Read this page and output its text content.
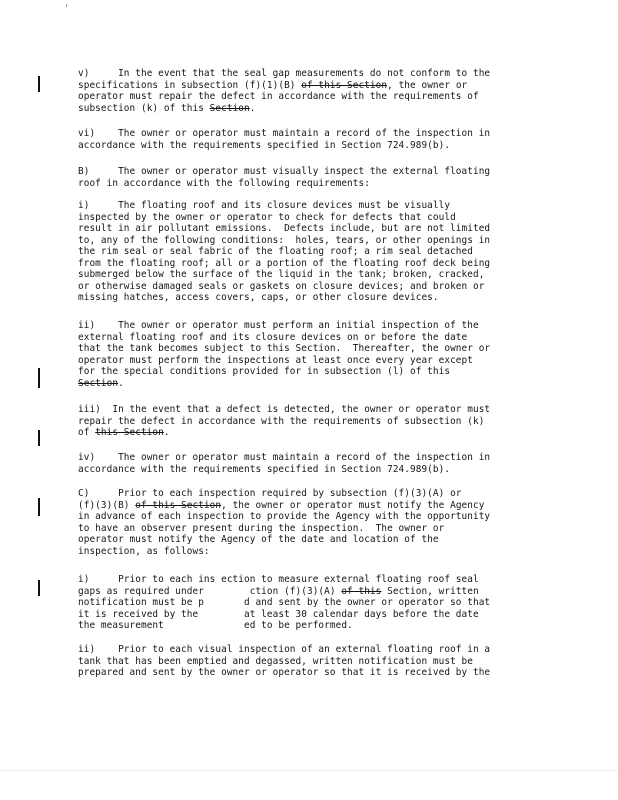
v)     In the event that the seal gap measurements do not conform to the
specifications in subsection (f)(1)(B) of this Section, the owner or
operator must repair the defect in accordance with the requirements of
subsection (k) of this Section.
vi)    The owner or operator must maintain a record of the inspection in
accordance with the requirements specified in Section 724.989(b).
B)     The owner or operator must visually inspect the external floating
roof in accordance with the following requirements:
i)     The floating roof and its closure devices must be visually
inspected by the owner or operator to check for defects that could
result in air pollutant emissions.  Defects include, but are not limited
to, any of the following conditions:  holes, tears, or other openings in
the rim seal or seal fabric of the floating roof; a rim seal detached
from the floating roof; all or a portion of the floating roof deck being
submerged below the surface of the liquid in the tank; broken, cracked,
or otherwise damaged seals or gaskets on closure devices; and broken or
missing hatches, access covers, caps, or other closure devices.
ii)    The owner or operator must perform an initial inspection of the
external floating roof and its closure devices on or before the date
that the tank becomes subject to this Section.  Thereafter, the owner or
operator must perform the inspections at least once every year except
for the special conditions provided for in subsection (l) of this
Section.
iii)  In the event that a defect is detected, the owner or operator must
repair the defect in accordance with the requirements of subsection (k)
of this Section.
iv)    The owner or operator must maintain a record of the inspection in
accordance with the requirements specified in Section 724.989(b).
C)     Prior to each inspection required by subsection (f)(3)(A) or
(f)(3)(B) of this Section, the owner or operator must notify the Agency
in advance of each inspection to provide the Agency with the opportunity
to have an observer present during the inspection.  The owner or
operator must notify the Agency of the date and location of the
inspection, as follows:
i)     Prior to each ins ection to measure external floating roof seal
gaps as required under        ction (f)(3)(A) of this Section, written
notification must be p       d and sent by the owner or operator so that
it is received by the        at least 30 calendar days before the date
the measurement              ed to be performed.
ii)    Prior to each visual inspection of an external floating roof in a
tank that has been emptied and degassed, written notification must be
prepared and sent by the owner or operator so that it is received by the
